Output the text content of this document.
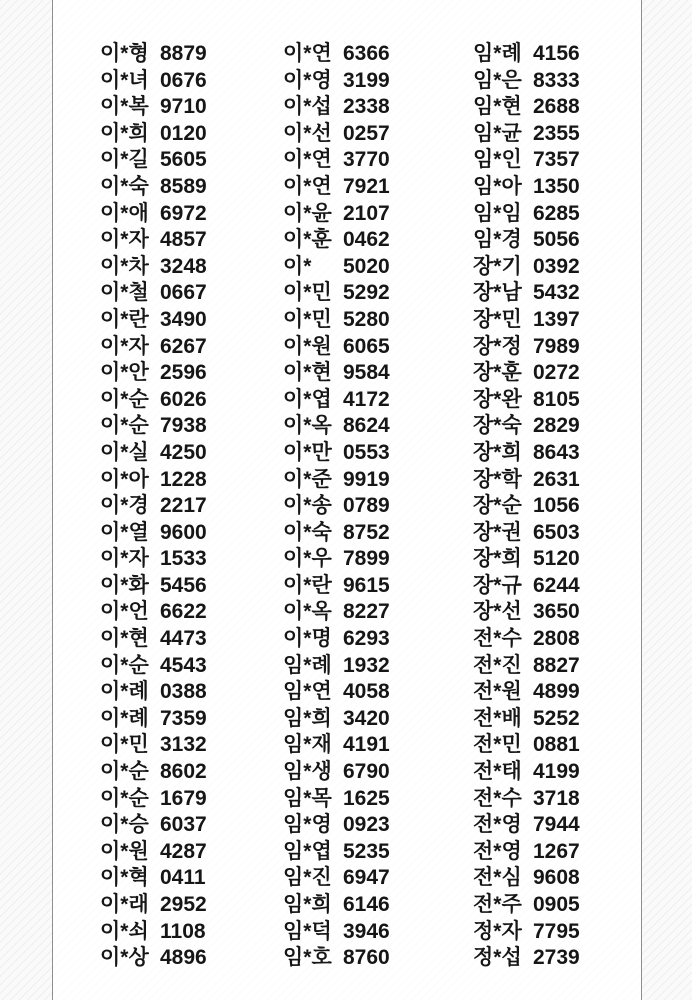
이*형 8879
이*녀 0676
이*복 9710
이*희 0120
이*길 5605
이*숙 8589
이*애 6972
이*자 4857
이*차 3248
이*철 0667
이*란 3490
이*자 6267
이*안 2596
이*순 6026
이*순 7938
이*실 4250
이*아 1228
이*경 2217
이*열 9600
이*자 1533
이*화 5456
이*언 6622
이*현 4473
이*순 4543
이*례 0388
이*례 7359
이*민 3132
이*순 8602
이*순 1679
이*승 6037
이*원 4287
이*혁 0411
이*래 2952
이*쇠 1108
이*상 4896
이*연 6366
이*영 3199
이*섭 2338
이*선 0257
이*연 3770
이*연 7921
이*윤 2107
이*훈 0462
이* 5020
이*민 5292
이*민 5280
이*원 6065
이*현 9584
이*엽 4172
이*옥 8624
이*만 0553
이*준 9919
이*송 0789
이*숙 8752
이*우 7899
이*란 9615
이*옥 8227
이*명 6293
임*례 1932
임*연 4058
임*희 3420
임*재 4191
임*생 6790
임*목 1625
임*영 0923
임*엽 5235
임*진 6947
임*희 6146
임*덕 3946
임*호 8760
임*례 4156
임*은 8333
임*현 2688
임*균 2355
임*인 7357
임*아 1350
임*임 6285
임*경 5056
장*기 0392
장*남 5432
장*민 1397
장*정 7989
장*훈 0272
장*완 8105
장*숙 2829
장*희 8643
장*학 2631
장*순 1056
장*권 6503
장*희 5120
장*규 6244
장*선 3650
전*수 2808
전*진 8827
전*원 4899
전*배 5252
전*민 0881
전*태 4199
전*수 3718
전*영 7944
전*영 1267
전*심 9608
전*주 0905
정*자 7795
정*섭 2739
